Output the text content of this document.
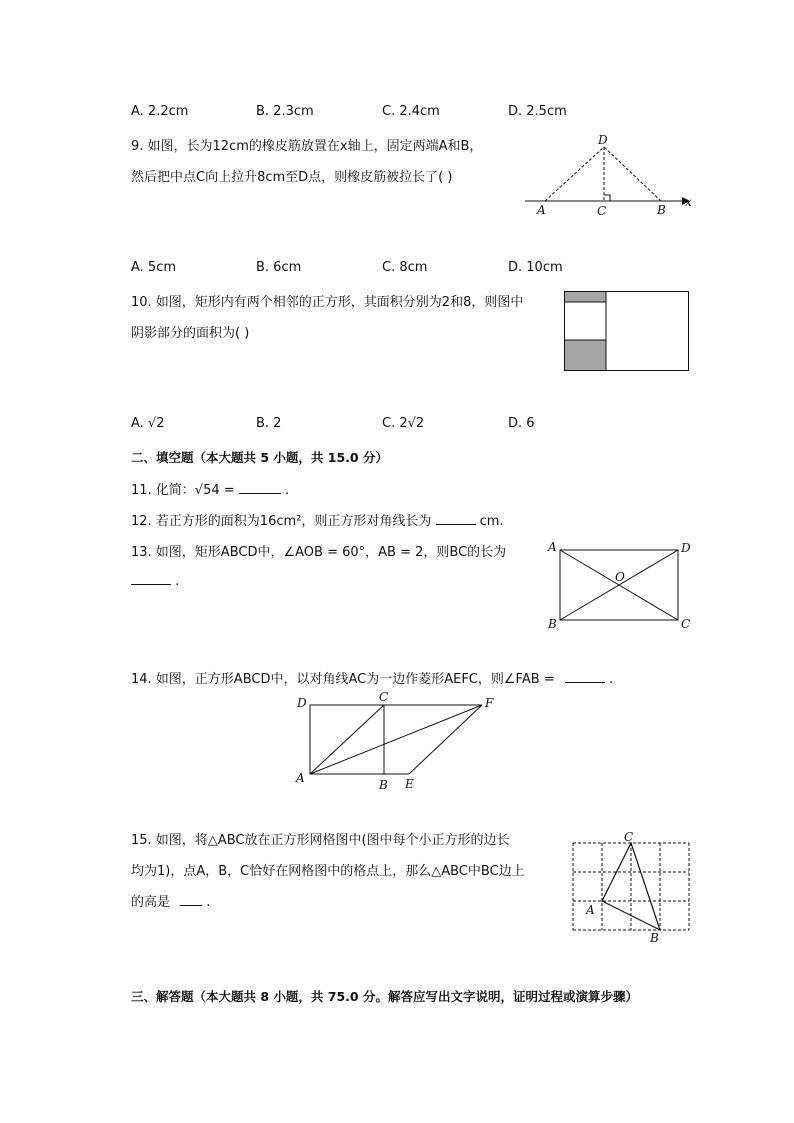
A. 2.2cm	B. 2.3cm	C. 2.4cm	D. 2.5cm
9. 如图，长为12cm的橡皮筋放置在x轴上，固定两端A和B，
然后把中点C向上拉升8cm至D点，则橡皮筋被拉长了( )
D
A	C	B
x
A. 5cm	B. 6cm	C. 8cm	D. 10cm
10. 如图，矩形内有两个相邻的正方形，其面积分别为2和8，则图中
阴影部分的面积为( )
A. √2	B. 2	C. 2√2	D. 6
二、填空题（本大题共 5 小题，共 15.0 分）
11. 化简：√54 =	.
12. 若正方形的面积为16cm²，则正方形对角线长为	cm.
13. 如图，矩形ABCD中，∠AOB = 60°，AB = 2，则BC的长为
.
A	D
O
B	C
14. 如图，正方形ABCD中，以对角线AC为一边作菱形AEFC，则∠FAB =	.
D	C	F
A	B E
15. 如图，将△ABC放在正方形网格图中(图中每个小正方形的边长
均为1)，点A，B，C恰好在网格图中的格点上，那么△ABC中BC边上
的高是	.
C
A
B
三、解答题（本大题共 8 小题，共 75.0 分。解答应写出文字说明，证明过程或演算步骤）
